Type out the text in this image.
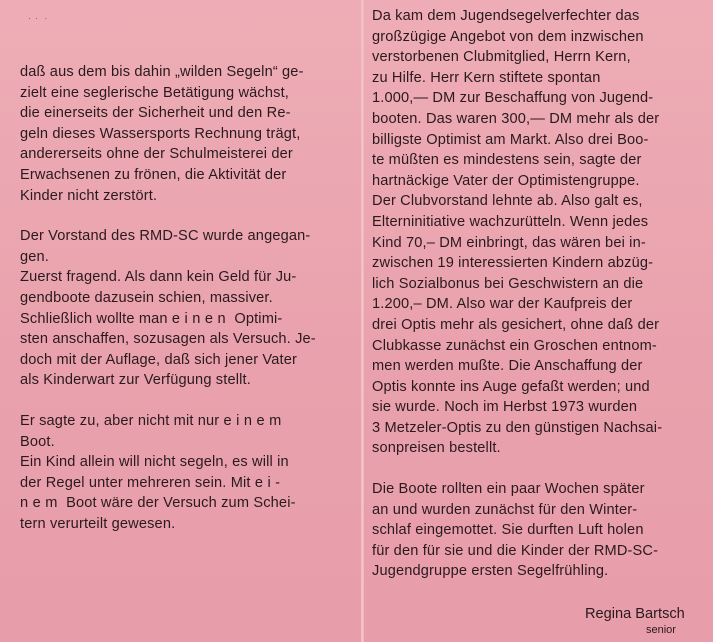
·  ·   ·
daß aus dem bis dahin „wilden Segeln“ ge-
zielt eine seglerische Betätigung wächst,
die einerseits der Sicherheit und den Re-
geln dieses Wassersports Rechnung trägt,
andererseits ohne der Schulmeisterei der
Erwachsenen zu frönen, die Aktivität der
Kinder nicht zerstört.
Der Vorstand des RMD-SC wurde angegan-
gen.
Zuerst fragend. Als dann kein Geld für Ju-
gendboote dazusein schien, massiver.
Schließlich wollte man einen Optimi-
sten anschaffen, sozusagen als Versuch. Je-
doch mit der Auflage, daß sich jener Vater
als Kinderwart zur Verfügung stellt.
Er sagte zu, aber nicht mit nur einem
Boot.
Ein Kind allein will nicht segeln, es will in
der Regel unter mehreren sein. Mit ei-
nem Boot wäre der Versuch zum Schei-
tern verurteilt gewesen.
Da kam dem Jugendsegelverfechter das
großzügige Angebot von dem inzwischen
verstorbenen Clubmitglied, Herrn Kern,
zu Hilfe. Herr Kern stiftete spontan
1.000,— DM zur Beschaffung von Jugend-
booten. Das waren 300,— DM mehr als der
billigste Optimist am Markt. Also drei Boo-
te müßten es mindestens sein, sagte der
hartnäckige Vater der Optimistengruppe.
Der Clubvorstand lehnte ab. Also galt es,
Elterninitiative wachzurütteln. Wenn jedes
Kind 70,– DM einbringt, das wären bei in-
zwischen 19 interessierten Kindern abzüg-
lich Sozialbonus bei Geschwistern an die
1.200,– DM. Also war der Kaufpreis der
drei Optis mehr als gesichert, ohne daß der
Clubkasse zunächst ein Groschen entnom-
men werden mußte. Die Anschaffung der
Optis konnte ins Auge gefaßt werden; und
sie wurde. Noch im Herbst 1973 wurden
3 Metzeler-Optis zu den günstigen Nachsai-
sonpreisen bestellt.
Die Boote rollten ein paar Wochen später
an und wurden zunächst für den Winter-
schlaf eingemottet. Sie durften Luft holen
für den für sie und die Kinder der RMD-SC-
Jugendgruppe ersten Segelfrühling.
Regina Bartsch
senior
